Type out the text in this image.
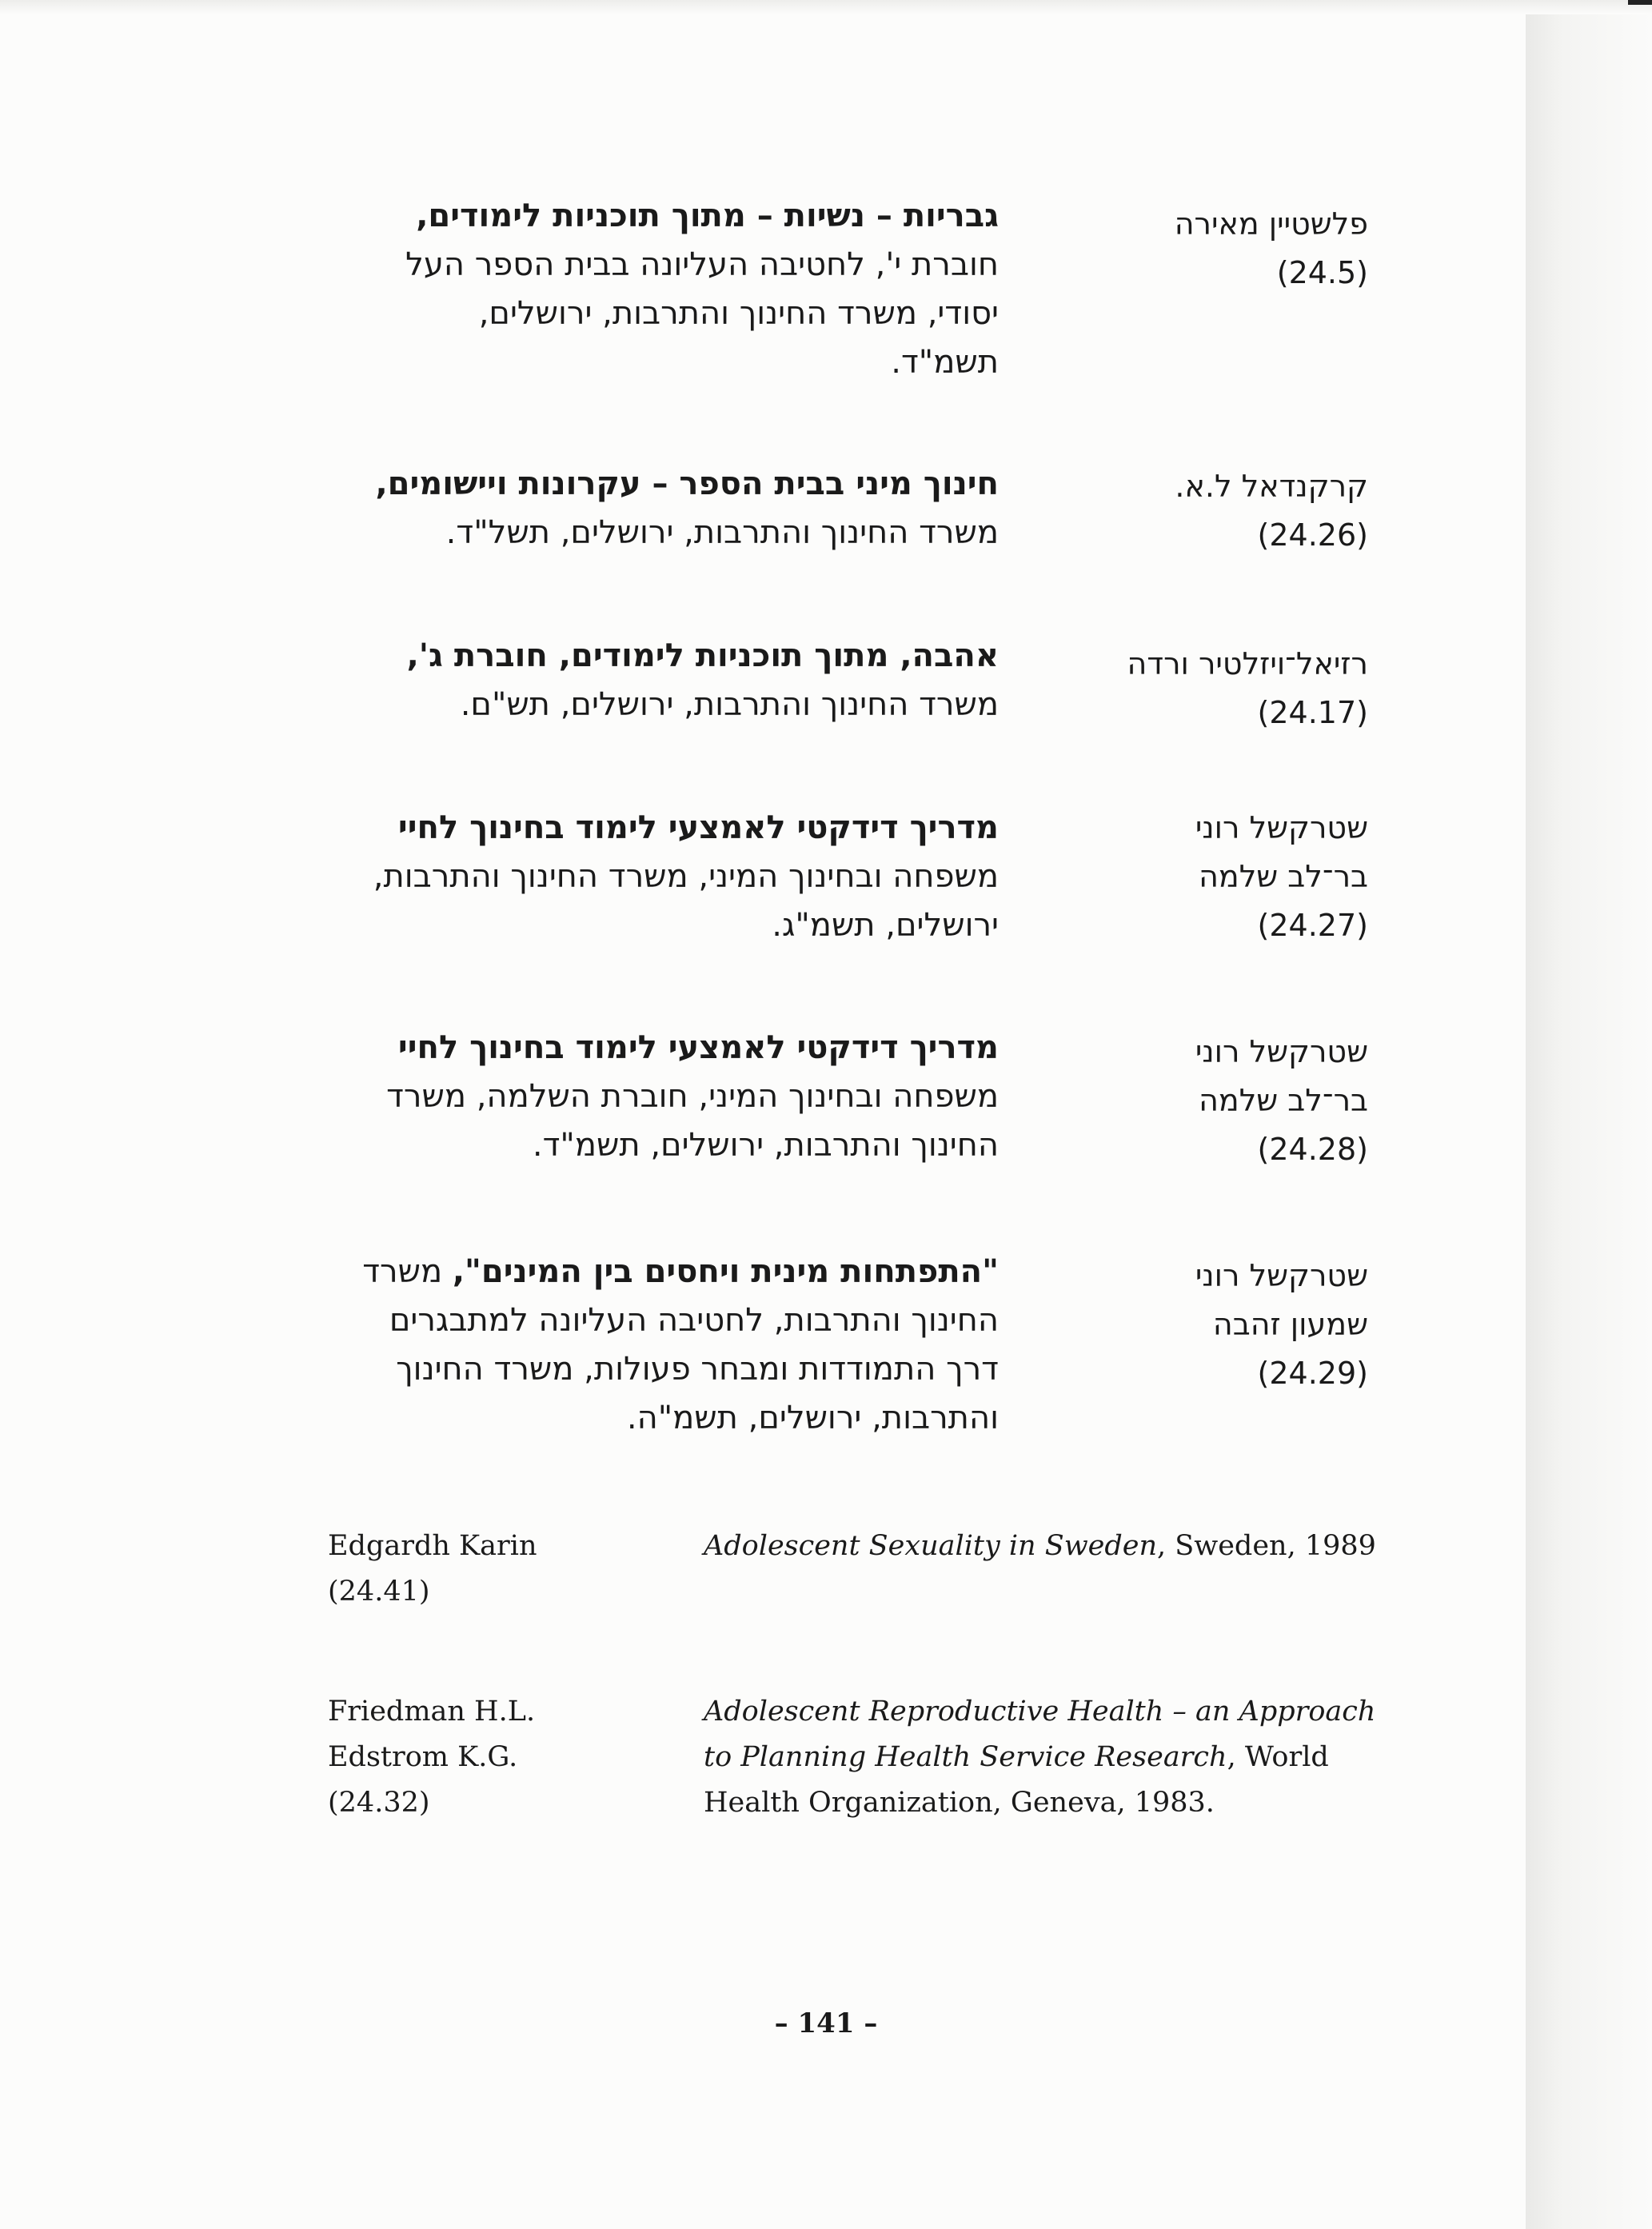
פלשטיין מאירה
(24.5)
גבריות – נשיות – מתוך תוכניות לימודים,
חוברת י', לחטיבה העליונה בבית הספר העל
יסודי, משרד החינוך והתרבות, ירושלים,
תשמ"ד.
קרקנדאל ל.א.
(24.26)
חינוך מיני בבית הספר – עקרונות ויישומים,
משרד החינוך והתרבות, ירושלים, תשל"ד.
רזיאל־ויזלטיר ורדה
(24.17)
אהבה, מתוך תוכניות לימודים, חוברת ג',
משרד החינוך והתרבות, ירושלים, תש"ם.
שטרקשל רוני
בר־לב שלמה
(24.27)
מדריך דידקטי לאמצעי לימוד בחינוך לחיי
משפחה ובחינוך המיני, משרד החינוך והתרבות,
ירושלים, תשמ"ג.
שטרקשל רוני
בר־לב שלמה
(24.28)
מדריך דידקטי לאמצעי לימוד בחינוך לחיי
משפחה ובחינוך המיני, חוברת השלמה, משרד
החינוך והתרבות, ירושלים, תשמ"ד.
שטרקשל רוני
שמעון זהבה
(24.29)
"התפתחות מינית ויחסים בין המינים", משרד
החינוך והתרבות, לחטיבה העליונה למתבגרים
דרך התמודדות ומבחר פעולות, משרד החינוך
והתרבות, ירושלים, תשמ"ה.
Edgardh Karin
(24.41)
Adolescent Sexuality in Sweden, Sweden, 1989
Friedman H.L.
Edstrom K.G.
(24.32)
Adolescent Reproductive Health – an Approach
to Planning Health Service Research, World
Health Organization, Geneva, 1983.
– 141 –
